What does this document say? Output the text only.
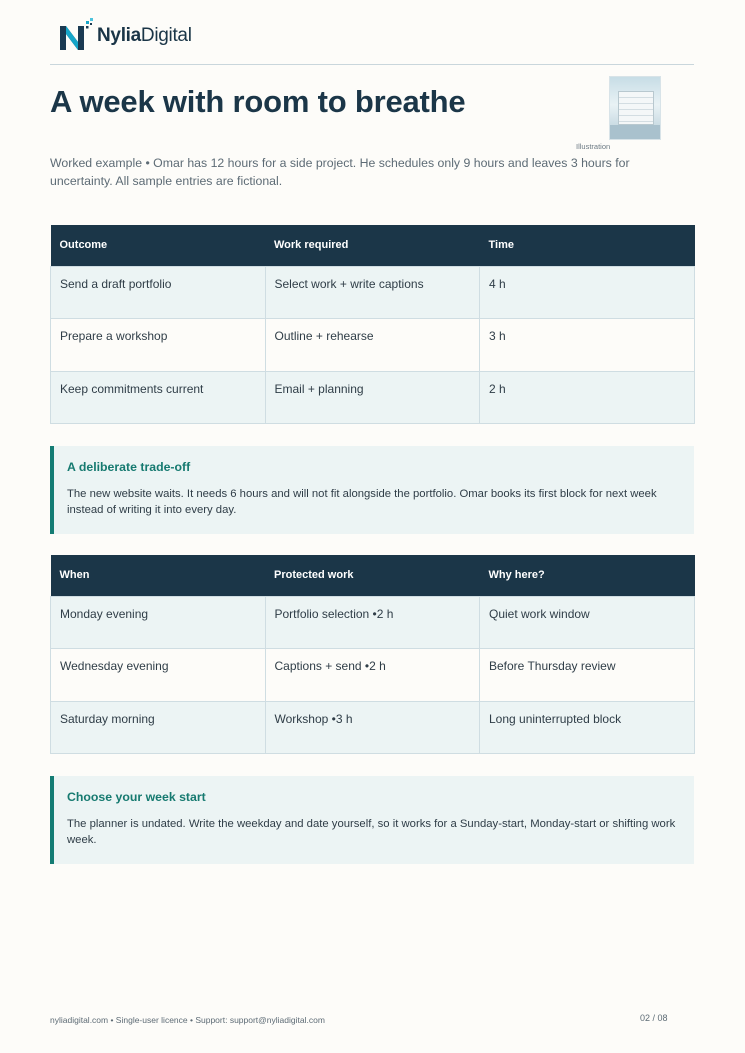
NyliaDigital
A week with room to breathe
Illustration

Worked example • Omar has 12 hours for a side project. He schedules only 9 hours and leaves 3 hours for uncertainty. All sample entries are fictional.

Outcome	Work required	Time
Send a draft portfolio	Select work + write captions	4 h
Prepare a workshop	Outline + rehearse	3 h
Keep commitments current	Email + planning	2 h
A deliberate trade-off

The new website waits. It needs 6 hours and will not fit alongside the portfolio. Omar books its first block for next week instead of writing it into every day.

When	Protected work	Why here?
Monday evening	Portfolio selection •2 h	Quiet work window
Wednesday evening	Captions + send •2 h	Before Thursday review
Saturday morning	Workshop •3 h	Long uninterrupted block
Choose your week start

The planner is undated. Write the weekday and date yourself, so it works for a Sunday-start, Monday-start or shifting work week.

nyliadigital.com • Single-user licence • Support: support@nyliadigital.com	02 / 08
